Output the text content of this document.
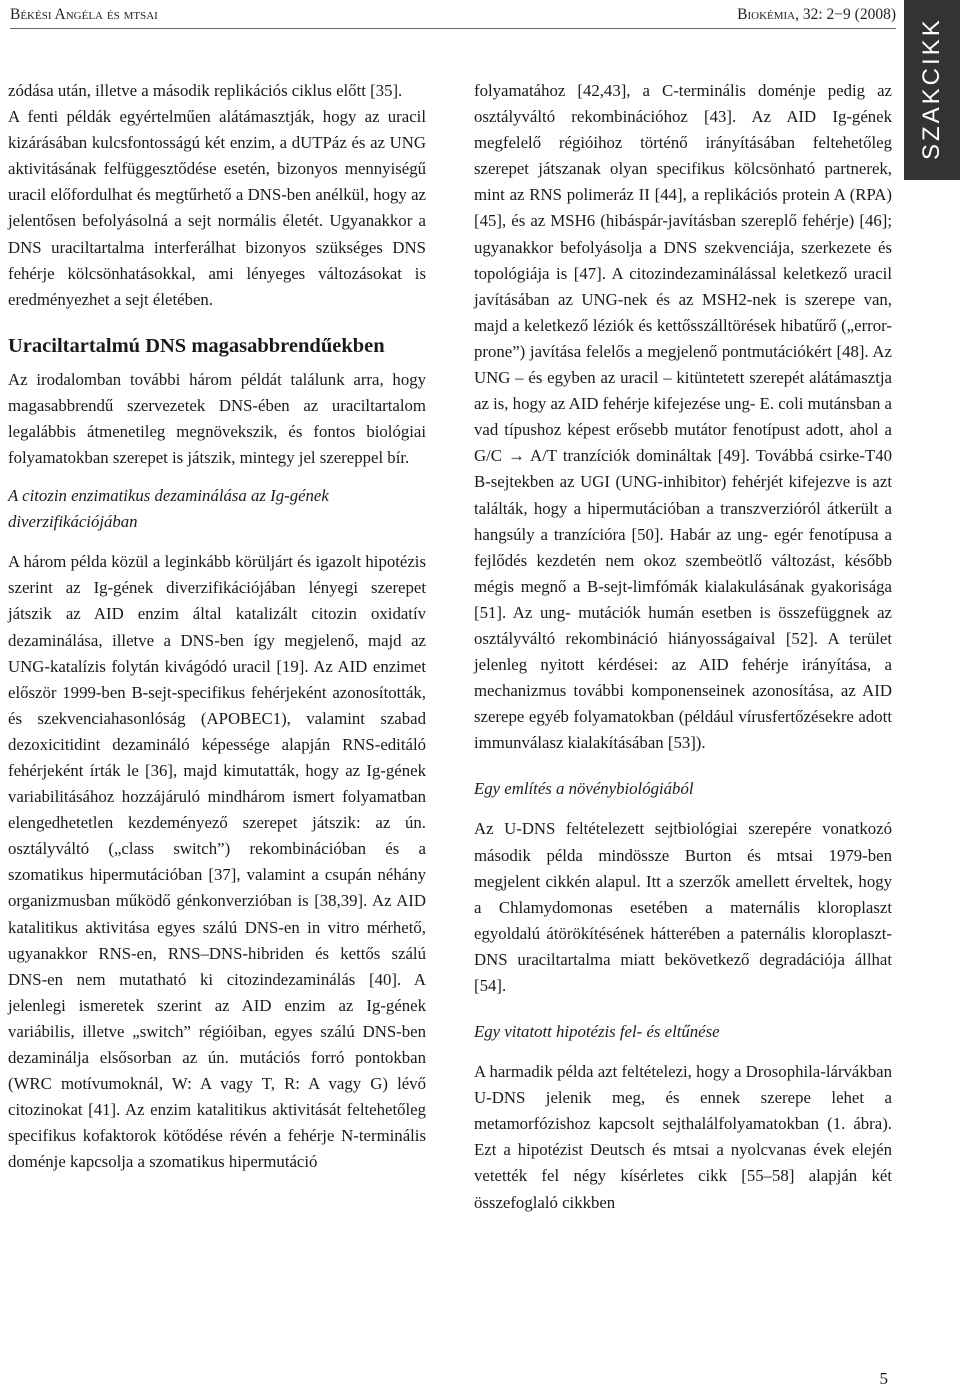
Békési Angéla és mtsai	Biokémia, 32: 2−9 (2008)
SZAKCIKK

zódása után, illetve a második replikációs ciklus előtt [35].

A fenti példák egyértelműen alátámasztják, hogy az uracil kizárásában kulcsfontosságú két enzim, a dUTPáz és az UNG aktivitásának felfüggesztődése esetén, bizonyos mennyiségű uracil előfordulhat és megtűrhető a DNS-ben anélkül, hogy az jelentősen befolyásolná a sejt normális életét. Ugyanakkor a DNS uraciltartalma interferálhat bizonyos szükséges DNS fehérje kölcsönhatásokkal, ami lényeges változásokat is eredményezhet a sejt életében.

Uraciltartalmú DNS magasabbrendűekben

Az irodalomban további három példát találunk arra, hogy magasabbrendű szervezetek DNS-ében az uraciltartalom legalábbis átmenetileg megnövekszik, és fontos biológiai folyamatokban szerepet is játszik, mintegy jel szereppel bír.

A citozin enzimatikus dezaminálása az Ig-gének diverzifikációjában

A három példa közül a leginkább körüljárt és igazolt hipotézis szerint az Ig-gének diverzifikációjában lényegi szerepet játszik az AID enzim által katalizált citozin oxidatív dezaminálása, illetve a DNS-ben így megjelenő, majd az UNG-katalízis folytán kivágódó uracil [19]. Az AID enzimet először 1999-ben B-sejt-specifikus fehérjeként azonosították, és szekvenciahasonlóság (APOBEC1), valamint szabad dezoxicitidint dezamináló képessége alapján RNS-editáló fehérjeként írták le [36], majd kimutatták, hogy az Ig-gének variabilitásához hozzájáruló mindhárom ismert folyamatban elengedhetetlen kezdeményező szerepet játszik: az ún. osztályváltó („class switch”) rekombinációban és a szomatikus hipermutációban [37], valamint a csupán néhány organizmusban működő génkonverzióban is [38,39]. Az AID katalitikus aktivitása egyes szálú DNS-en in vitro mérhető, ugyanakkor RNS-en, RNS–DNS-hibriden és kettős szálú DNS-en nem mutatható ki citozindezaminálás [40]. A jelenlegi ismeretek szerint az AID enzim az Ig-gének variábilis, illetve „switch” régióiban, egyes szálú DNS-ben dezaminálja elsősorban az ún. mutációs forró pontokban (WRC motívumoknál, W: A vagy T, R: A vagy G) lévő citozinokat [41]. Az enzim katalitikus aktivitását feltehetőleg specifikus kofaktorok kötődése révén a fehérje N-terminális doménje kapcsolja a szomatikus hipermutáció

folyamatához [42,43], a C-terminális doménje pedig az osztályváltó rekombinációhoz [43]. Az AID Ig-gének megfelelő régióihoz történő irányításában feltehetőleg szerepet játszanak olyan specifikus kölcsönható partnerek, mint az RNS polimeráz II [44], a replikációs protein A (RPA) [45], és az MSH6 (hibáspár-javításban szereplő fehérje) [46]; ugyanakkor befolyásolja a DNS szekvenciája, szerkezete és topológiája is [47]. A citozindezaminálással keletkező uracil javításában az UNG-nek és az MSH2-nek is szerepe van, majd a keletkező léziók és kettősszálltörések hibatűrő („error-prone”) javítása felelős a megjelenő pontmutációkért [48]. Az UNG – és egyben az uracil – kitüntetett szerepét alátámasztja az is, hogy az AID fehérje kifejezése ung- E. coli mutánsban a vad típushoz képest erősebb mutátor fenotípust adott, ahol a G/C → A/T tranzíciók domináltak [49]. Továbbá csirke-T40 B-sejtekben az UGI (UNG-inhibitor) fehérjét kifejezve is azt találták, hogy a hipermutációban a transzverzióról átkerült a hangsúly a tranzícióra [50]. Habár az ung- egér fenotípusa a fejlődés kezdetén nem okoz szembeötlő változást, később mégis megnő a B-sejt-limfómák kialakulásának gyakorisága [51]. Az ung- mutációk humán esetben is összefüggnek az osztályváltó rekombináció hiányosságaival [52]. A terület jelenleg nyitott kérdései: az AID fehérje irányítása, a mechanizmus további komponenseinek azonosítása, az AID szerepe egyéb folyamatokban (például vírusfertőzésekre adott immunválasz kialakításában [53]).

Egy említés a növénybiológiából

Az U-DNS feltételezett sejtbiológiai szerepére vonatkozó második példa mindössze Burton és mtsai 1979-ben megjelent cikkén alapul. Itt a szerzők amellett érveltek, hogy a Chlamydomonas esetében a maternális kloroplaszt egyoldalú átörökítésének hátterében a paternális kloroplaszt-DNS uraciltartalma miatt bekövetkező degradációja állhat [54].

Egy vitatott hipotézis fel- és eltűnése

A harmadik példa azt feltételezi, hogy a Drosophila-lárvákban U-DNS jelenik meg, és ennek szerepe lehet a metamorfózishoz kapcsolt sejthalálfolyamatokban (1. ábra). Ezt a hipotézist Deutsch és mtsai a nyolcvanas évek elején vetették fel négy kísérletes cikk [55–58] alapján két összefoglaló cikkben

5
